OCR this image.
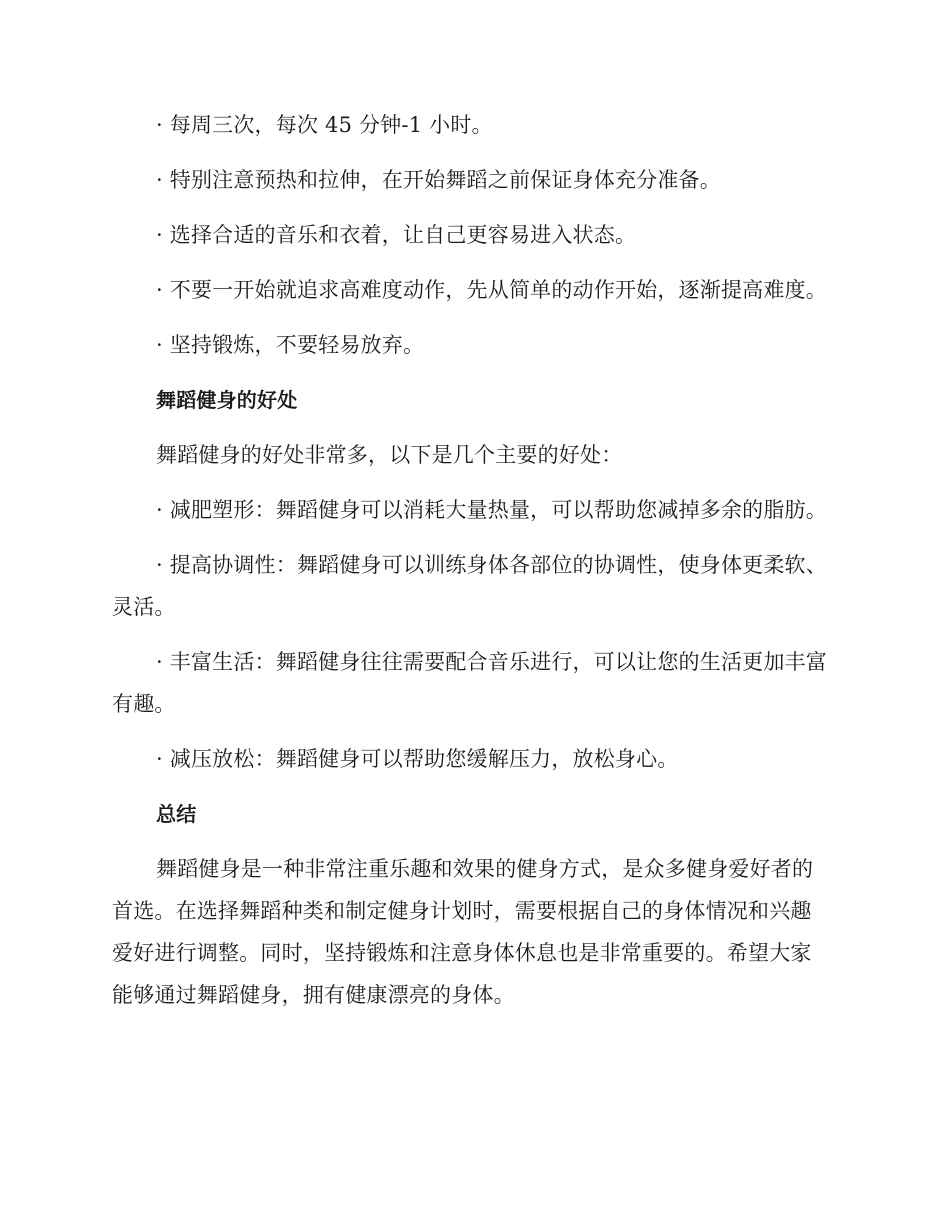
· 每周三次，每次 45 分钟-1 小时。

· 特别注意预热和拉伸，在开始舞蹈之前保证身体充分准备。

· 选择合适的音乐和衣着，让自己更容易进入状态。

· 不要一开始就追求高难度动作，先从简单的动作开始，逐渐提高难度。

· 坚持锻炼，不要轻易放弃。

舞蹈健身的好处

舞蹈健身的好处非常多，以下是几个主要的好处：

· 减肥塑形：舞蹈健身可以消耗大量热量，可以帮助您减掉多余的脂肪。

· 提高协调性：舞蹈健身可以训练身体各部位的协调性，使身体更柔软、灵活。

· 丰富生活：舞蹈健身往往需要配合音乐进行，可以让您的生活更加丰富有趣。

· 减压放松：舞蹈健身可以帮助您缓解压力，放松身心。

总结

舞蹈健身是一种非常注重乐趣和效果的健身方式，是众多健身爱好者的首选。在选择舞蹈种类和制定健身计划时，需要根据自己的身体情况和兴趣爱好进行调整。同时，坚持锻炼和注意身体休息也是非常重要的。希望大家能够通过舞蹈健身，拥有健康漂亮的身体。
